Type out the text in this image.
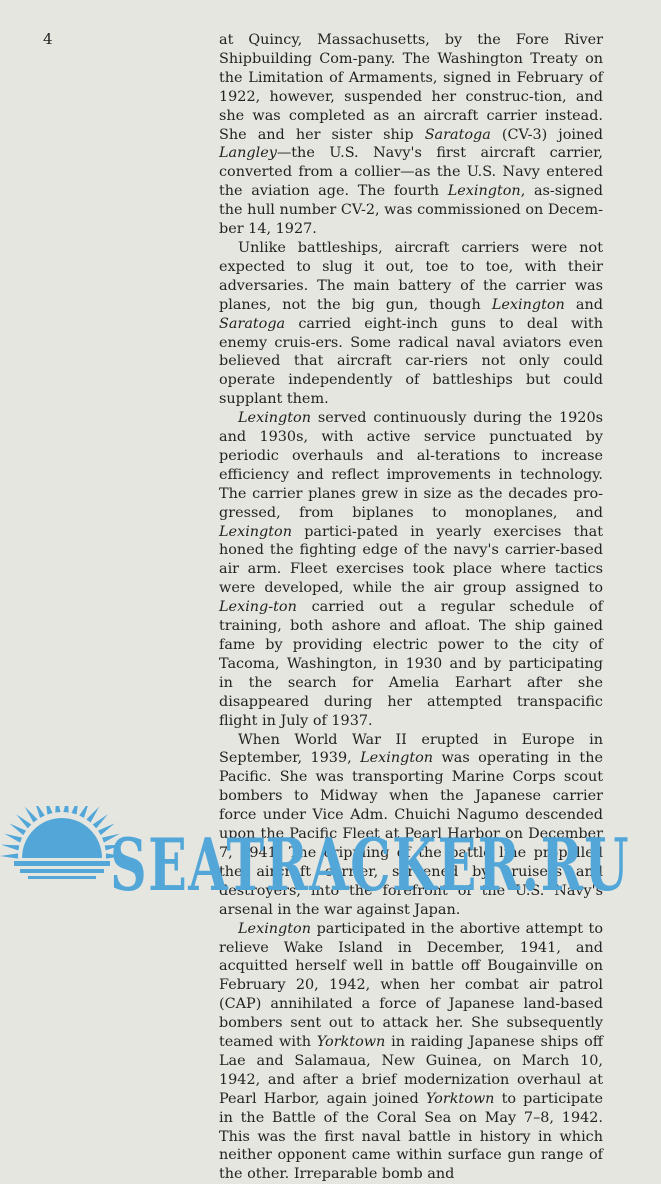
4	at Quincy, Massachusetts, by the Fore River Shipbuilding Com-pany. The Washington Treaty on the Limitation of Armaments, signed in February of 1922, however, suspended her construc-tion, and she was completed as an aircraft carrier instead. She and her sister ship Saratoga (CV-3) joined Langley—the U.S. Navy's first aircraft carrier, converted from a collier—as the U.S. Navy entered the aviation age. The fourth Lexington, as-signed the hull number CV-2, was commissioned on Decem-ber 14, 1927.

Unlike battleships, aircraft carriers were not expected to slug it out, toe to toe, with their adversaries. The main battery of the carrier was planes, not the big gun, though Lexington and Saratoga carried eight-inch guns to deal with enemy cruis-ers. Some radical naval aviators even believed that aircraft car-riers not only could operate independently of battleships but could supplant them.

Lexington served continuously during the 1920s and 1930s, with active service punctuated by periodic overhauls and al-terations to increase efficiency and reflect improvements in technology. The carrier planes grew in size as the decades pro-gressed, from biplanes to monoplanes, and Lexington partici-pated in yearly exercises that honed the fighting edge of the navy's carrier-based air arm. Fleet exercises took place where tactics were developed, while the air group assigned to Lexing-ton carried out a regular schedule of training, both ashore and afloat. The ship gained fame by providing electric power to the city of Tacoma, Washington, in 1930 and by participating in the search for Amelia Earhart after she disappeared during her attempted transpacific flight in July of 1937.

When World War II erupted in Europe in September, 1939, Lexington was operating in the Pacific. She was transporting Marine Corps scout bombers to Midway when the Japanese carrier force under Vice Adm. Chuichi Nagumo descended upon the Pacific Fleet at Pearl Harbor on December 7, 1941. The crippling of the battle line propelled the aircraft carrier, screened by cruisers and destroyers, into the forefront of the U.S. Navy's arsenal in the war against Japan.

Lexington participated in the abortive attempt to relieve Wake Island in December, 1941, and acquitted herself well in battle off Bougainville on February 20, 1942, when her combat air patrol (CAP) annihilated a force of Japanese land-based bombers sent out to attack her. She subsequently teamed with Yorktown in raiding Japanese ships off Lae and Salamaua, New Guinea, on March 10, 1942, and after a brief modernization overhaul at Pearl Harbor, again joined Yorktown to participate in the Battle of the Coral Sea on May 7–8, 1942. This was the first naval battle in history in which neither opponent came within surface gun range of the other. Irreparable bomb and

SEATRACKER.RU
